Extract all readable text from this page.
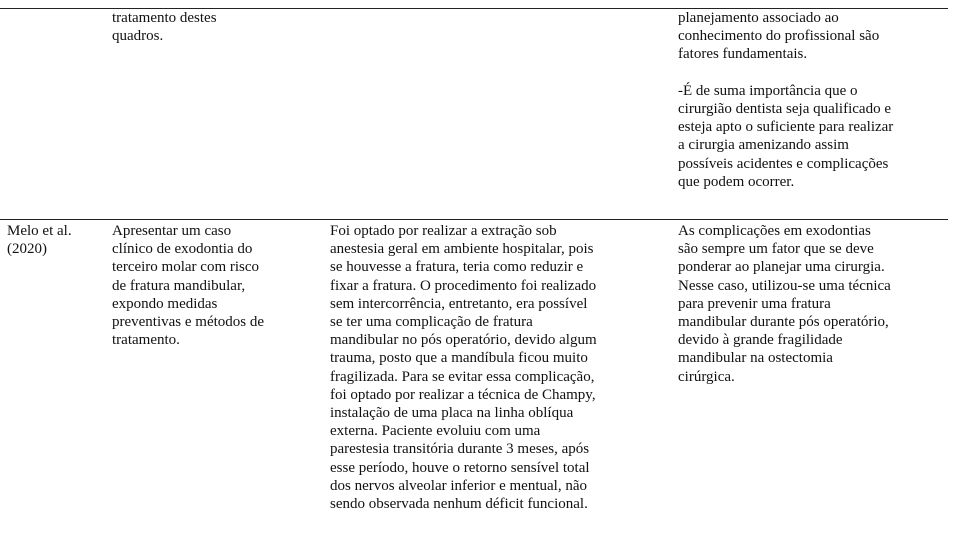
tratamento destes
quadros.
planejamento associado ao
conhecimento do profissional são
fatores fundamentais.
-É de suma importância que o
cirurgião dentista seja qualificado e
esteja apto o suficiente para realizar
a cirurgia amenizando assim
possíveis acidentes e complicações
que podem ocorrer.
Melo et al.
(2020)
Apresentar um caso
clínico de exodontia do
terceiro molar com risco
de fratura mandibular,
expondo medidas
preventivas e métodos de
tratamento.
Foi optado por realizar a extração sob
anestesia geral em ambiente hospitalar, pois
se houvesse a fratura, teria como reduzir e
fixar a fratura. O procedimento foi realizado
sem intercorrência, entretanto, era possível
se ter uma complicação de fratura
mandibular no pós operatório, devido algum
trauma, posto que a mandíbula ficou muito
fragilizada. Para se evitar essa complicação,
foi optado por realizar a técnica de Champy,
instalação de uma placa na linha oblíqua
externa. Paciente evoluiu com uma
parestesia transitória durante 3 meses, após
esse período, houve o retorno sensível total
dos nervos alveolar inferior e mentual, não
sendo observada nenhum déficit funcional.
As complicações em exodontias
são sempre um fator que se deve
ponderar ao planejar uma cirurgia.
Nesse caso, utilizou-se uma técnica
para prevenir uma fratura
mandibular durante pós operatório,
devido à grande fragilidade
mandibular na ostectomia
cirúrgica.
